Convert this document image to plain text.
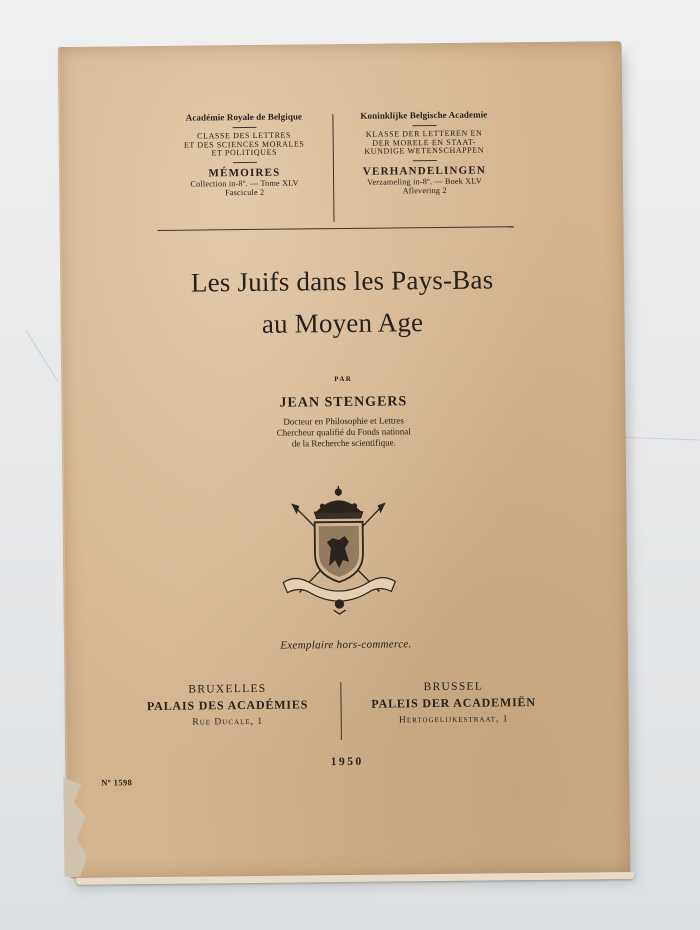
Académie Royale de Belgique
CLASSE DES LETTRES
ET DES SCIENCES MORALES
ET POLITIQUES
MÉMOIRES
Collection in-8º. — Tome XLV
Fascicule 2
Koninklijke Belgische Academie
KLASSE DER LETTEREN EN
DER MORELE EN STAAT-
KUNDIGE WETENSCHAPPEN
VERHANDELINGEN
Verzameling in-8º. — Boek XLV
Aflevering 2
Les Juifs dans les Pays-Bas
au Moyen Age
PAR
JEAN STENGERS
Docteur en Philosophie et Lettres
Chercheur qualifié du Fonds national
de la Recherche scientifique.
Exemplaire hors-commerce.
BRUXELLES
PALAIS DES ACADÉMIES
Rue Ducale, 1
BRUSSEL
PALEIS DER ACADEMIËN
Hertogelijkestraat, 1
1950
Nº 1598
